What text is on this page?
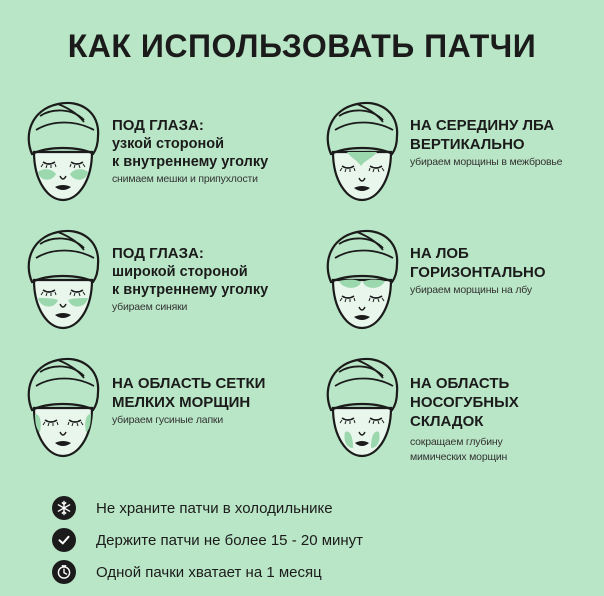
КАК ИСПОЛЬЗОВАТЬ ПАТЧИ
ПОД ГЛАЗА:
узкой стороной
к внутреннему уголку
снимаем мешки и припухлости
НА СЕРЕДИНУ ЛБА
ВЕРТИКАЛЬНО
убираем морщины в межбровье
ПОД ГЛАЗА:
широкой стороной
к внутреннему уголку
убираем синяки
НА ЛОБ
ГОРИЗОНТАЛЬНО
убираем морщины на лбу
НА ОБЛАСТЬ СЕТКИ
МЕЛКИХ МОРЩИН
убираем гусиные лапки
НА ОБЛАСТЬ
НОСОГУБНЫХ
СКЛАДОК
сокращаем глубину
мимических морщин
Не храните патчи в холодильнике
Держите патчи не более 15 - 20 минут
Одной пачки хватает на 1 месяц
